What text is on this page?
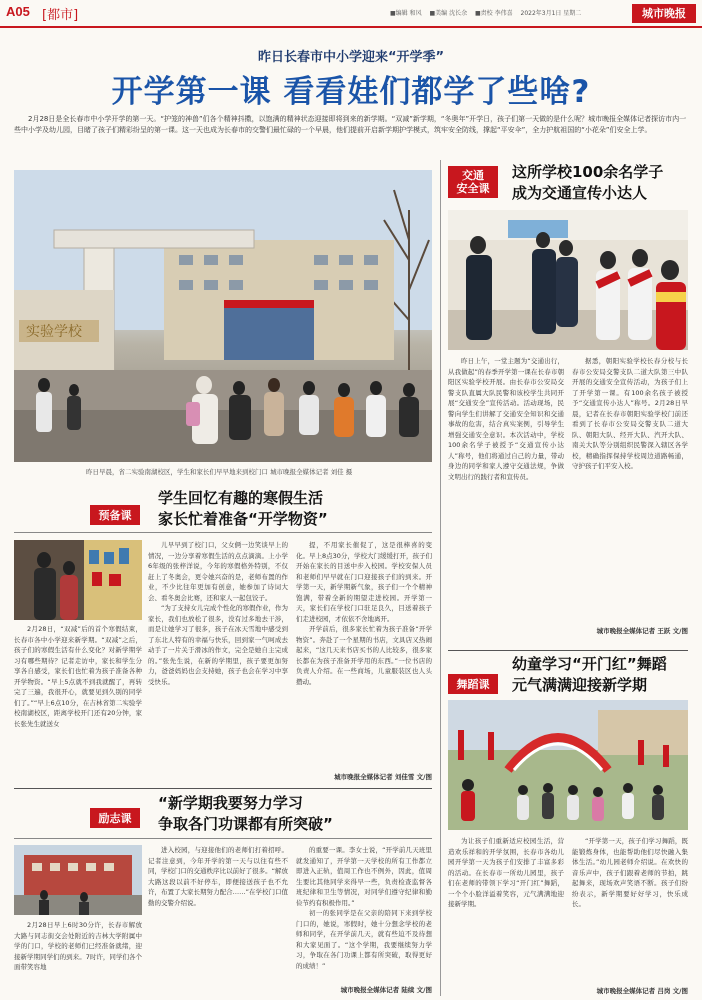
A05 [都市]	■编辑 和风 ■美编 沈长余 ■责校 李伟喜 2022年3月1日 星期二	城市晚报
昨日长春市中小学迎来“开学季”
开学第一课 看看娃们都学了些啥?
2月28日是全长春市中小学开学的第一天。“护笼的神兽”们各个精神抖擞，以饱满的精神状态迎接即将到来的新学期。“双减”新学期，“冬奥年”开学日，孩子们第一天做的是什么呢？城市晚报全媒体记者探访市内一些中小学及幼儿园，目睹了孩子们精彩纷呈的第一课。这一天也成为长春市的交警们最忙碌的一个早晨，他们提前开启新学期护学模式，筑牢安全防线，撑起“平安伞”，全力护航祖国的“小花朵”们安全上学。
实验学校
昨日早晨，省二实验南湖校区，学生和家长们早早地来到校门口 城市晚报全媒体记者 刘佳 摄
预备课
学生回忆有趣的寒假生活
家长忙着准备“开学物资”

2月28日，“双减”后的首个寒假结束，长春市各中小学迎来新学期。“双减”之后，孩子们的寒假生活有什么变化？对新学期学习有哪些期待？记者走访中，家长和学生分享各自感受，家长们也忙着为孩子准备各种开学物资。“早上5点就不到我就醒了，再转完了三遍，我很开心，就要见到久别的同学们了。”“早上6点10分，在吉林省第二实验学校南湖校区，距离学校开门还有20分钟，家长张先生就送女

儿早早到了校门口，父女俩一边笑谈早上的情况，一边分享着寒假生活的点点滴滴。上小学6年级的张梓洋说，今年的寒假格外特别，不仅赶上了冬奥会，更令她兴奋的是，老师布置的作业，不少比往年更加有创意，她参加了诗词大会、看冬奥会比赛，还和家人一起包饺子。

“为了支持女儿完成个性化的寒假作业，作为家长，我们也放松了很多，没有过多地去干涉，而是让她学习了很多，孩子在冰天雪地中感受到了东北人特有的幸福与快乐，回到家一气呵成去动手了一片关于滑冰的作文，完全是她自主完成的。”张先生说，在新的学期里，孩子要更加努力，爸爸妈妈也会支持她，孩子也会在学习中享受快乐。

提，不用家长催促了，这是很棒喜的变化。早上8点30分，学校大门缓缓打开，孩子们开始在家长的目送中步入校园。学校安保人员和老师们早早就在门口迎接孩子们的到来。开学第一天，新学期新气象，孩子们一个个精神饱满，带着全新的期望走进校园。开学第一天，家长们在学校门口驻足良久，目送着孩子们走进校园，才依依不舍地离开。

开学前后，很多家长忙着为孩子准备“开学物资”。奔赴了一个星期的书店，文具店又热闹起来，“这几天来书店买书的人比较多，很多家长都在为孩子准备开学用的东西。”一位书店的负责人介绍。在一些商场，儿童服装区也人头攒动。

城市晚报全媒体记者 刘佳雪 文/图
励志课
“新学期我要努力学习
争取各门功课都有所突破”

2月28日早上6时30分许，长春市解放大路与同志街交会处附近的吉林大学附属中学的门口，学校的老师们已经准备就绪，迎接新学期同学们的到来。7时许，同学们各个面带笑容地

进入校园，与迎接他们的老师们打着招呼。记者注意到，今年开学的第一天与以往有些不同，学校门口的交通秩序比以前好了很多。“解放大路这段以前不好停车，即便接送孩子也不允许，布置了大家长期努力配合……”在学校门口值勤的交警介绍说。

的重要一课。李女士说，“开学前几天班里就发通知了，开学第一天学校的所有工作都立即进入正轨，值周工作也不例外，因此，值周生要比其他同学来得早一些，负责检查监督各班纪律和卫生等情况，对同学们遵守纪律和勤俭节约有积极作用。”

初一的张同学是在父亲的陪同下来到学校门口的，她说，寒假时，她十分想念学校的老师和同学，在开学前几天，就有些迫不及待想和大家见面了。“这个学期，我要继续努力学习，争取在各门功课上都有所突破，取得更好的成绩！”

城市晚报全媒体记者 陆续 文/图
交通
安全课
这所学校100余名学子
成为交通宣传小达人

昨日上午，一堂主题为“交通出行，从我做起”的春季开学第一课在长春市朝阳区实验学校开展。由长春市公安局交警支队直属大队民警和该校学生共同开展“交通安全”宣传活动。活动现场，民警向学生们讲解了交通安全知识和交通事故的危害，结合真实案例，引导学生增强交通安全意识。本次活动中，学校100余名学子被授予“交通宣传小达人”称号，他们将通过自己的力量，带动身边的同学和家人遵守交通法规，争做文明出行的践行者和宣传员。

据悉，朝阳实验学校长春分校与长春市公安局交警支队二道大队第三中队开展的交通安全宣传活动，为孩子们上了开学第一课。有100余名孩子被授予“交通宣传小达人”称号。2月28日早晨，记者在长春市朝阳实验学校门前还看到了长春市公安局交警支队二道大队、朝阳大队、经开大队、汽开大队、南关大队等分别组织民警深入辖区各学校，精确指挥保持学校周边道路畅通，守护孩子们平安入校。

城市晚报全媒体记者 王跃 文/图
舞蹈课
幼童学习“开门红”舞蹈
元气满满迎接新学期

为让孩子们重新适应校园生活，营造欢乐祥和的开学氛围，长春市各幼儿园开学第一天为孩子们安排了丰富多彩的活动。在长春市一所幼儿园里，孩子们在老师的带领下学习“开门红”舞蹈，一个个小脸洋溢着笑容，元气满满地迎接新学期。

“开学第一天，孩子们学习舞蹈，既能锻炼身体，也能帮助他们尽快融入集体生活。”幼儿园老师介绍说。在欢快的音乐声中，孩子们跟着老师的节拍，跳起舞来，现场欢声笑语不断。孩子们纷纷表示，新学期要好好学习，快乐成长。

城市晚报全媒体记者 吕岗 文/图
